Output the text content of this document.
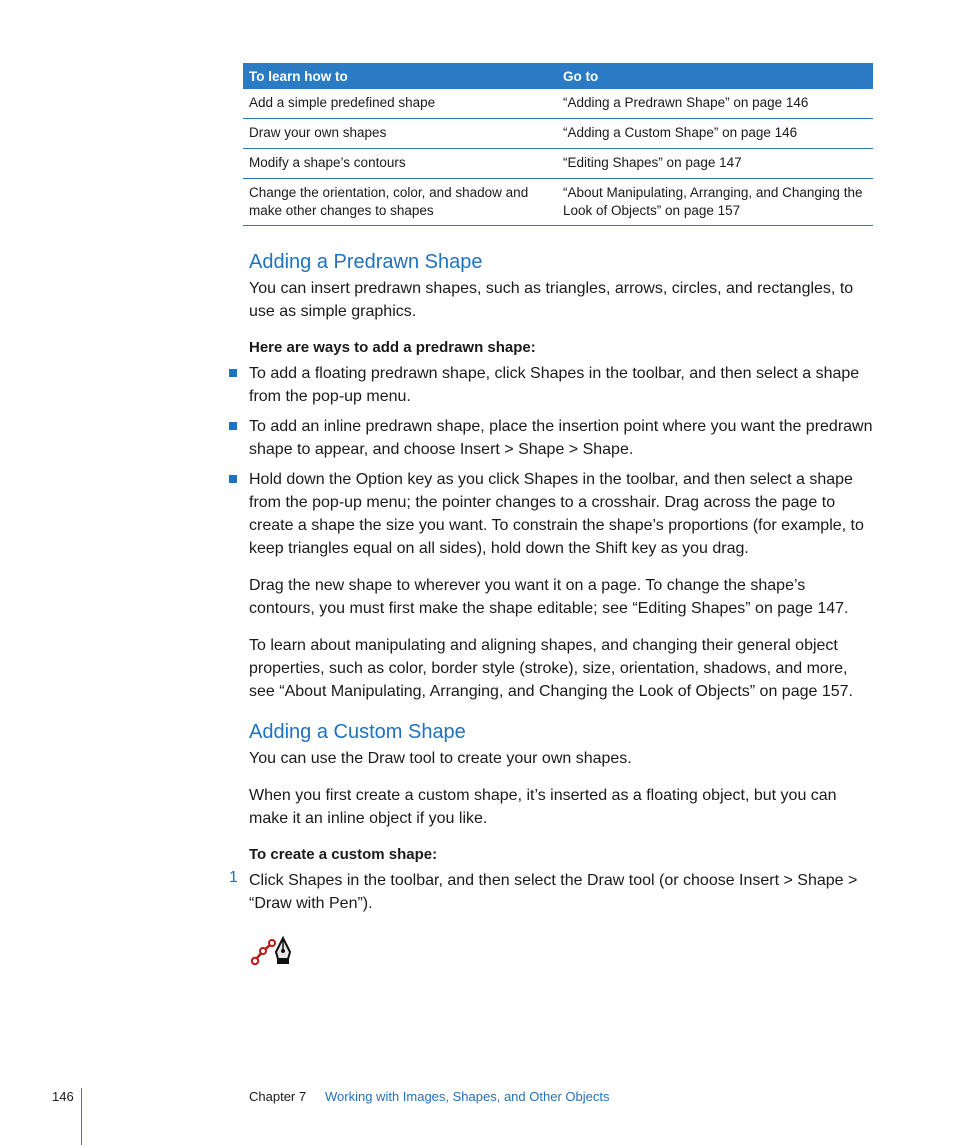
To learn how to	Go to
Add a simple predefined shape	“Adding a Predrawn Shape” on page 146
Draw your own shapes	“Adding a Custom Shape” on page 146
Modify a shape’s contours	“Editing Shapes” on page 147
Change the orientation, color, and shadow and make other changes to shapes	“About Manipulating, Arranging, and Changing the Look of Objects” on page 157
Adding a Predrawn Shape
You can insert predrawn shapes, such as triangles, arrows, circles, and rectangles, to use as simple graphics.
Here are ways to add a predrawn shape:
To add a floating predrawn shape, click Shapes in the toolbar, and then select a shape from the pop-up menu.
To add an inline predrawn shape, place the insertion point where you want the predrawn shape to appear, and choose Insert > Shape > Shape.
Hold down the Option key as you click Shapes in the toolbar, and then select a shape from the pop-up menu; the pointer changes to a crosshair. Drag across the page to create a shape the size you want. To constrain the shape’s proportions (for example, to keep triangles equal on all sides), hold down the Shift key as you drag.
Drag the new shape to wherever you want it on a page. To change the shape’s contours, you must first make the shape editable; see “Editing Shapes” on page 147.
To learn about manipulating and aligning shapes, and changing their general object properties, such as color, border style (stroke), size, orientation, shadows, and more, see “About Manipulating, Arranging, and Changing the Look of Objects” on page 157.
Adding a Custom Shape
You can use the Draw tool to create your own shapes.
When you first create a custom shape, it’s inserted as a floating object, but you can make it an inline object if you like.
To create a custom shape:
1 Click Shapes in the toolbar, and then select the Draw tool (or choose Insert > Shape > “Draw with Pen”).
146	Chapter 7 Working with Images, Shapes, and Other Objects
